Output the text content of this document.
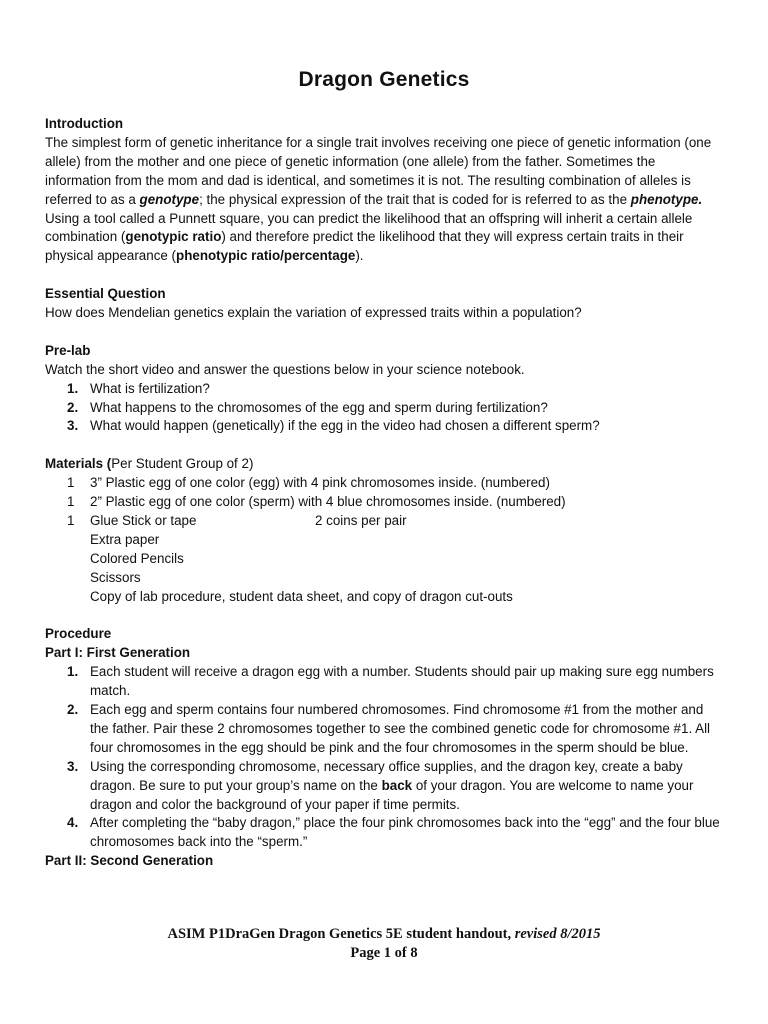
Dragon Genetics
Introduction

The simplest form of genetic inheritance for a single trait involves receiving one piece of genetic information (one allele) from the mother and one piece of genetic information (one allele) from the father. Sometimes the information from the mom and dad is identical, and sometimes it is not. The resulting combination of alleles is referred to as a genotype; the physical expression of the trait that is coded for is referred to as the phenotype. Using a tool called a Punnett square, you can predict the likelihood that an offspring will inherit a certain allele combination (genotypic ratio) and therefore predict the likelihood that they will express certain traits in their physical appearance (phenotypic ratio/percentage).

Essential Question
How does Mendelian genetics explain the variation of expressed traits within a population?
Pre-lab
Watch the short video and answer the questions below in your science notebook.
1. What is fertilization?
2. What happens to the chromosomes of the egg and sperm during fertilization?
3. What would happen (genetically) if the egg in the video had chosen a different sperm?
Materials (Per Student Group of 2)
1 3” Plastic egg of one color (egg) with 4 pink chromosomes inside. (numbered)
1 2” Plastic egg of one color (sperm) with 4 blue chromosomes inside. (numbered)
1 Glue Stick or tape	2 coins per pair
Extra paper
Colored Pencils
Scissors
Copy of lab procedure, student data sheet, and copy of dragon cut-outs
Procedure
Part I: First Generation
1. Each student will receive a dragon egg with a number. Students should pair up making sure egg numbers match.
2. Each egg and sperm contains four numbered chromosomes. Find chromosome #1 from the mother and the father. Pair these 2 chromosomes together to see the combined genetic code for chromosome #1. All four chromosomes in the egg should be pink and the four chromosomes in the sperm should be blue.
3. Using the corresponding chromosome, necessary office supplies, and the dragon key, create a baby dragon. Be sure to put your group’s name on the back of your dragon. You are welcome to name your dragon and color the background of your paper if time permits.
4. After completing the “baby dragon,” place the four pink chromosomes back into the “egg” and the four blue chromosomes back into the “sperm.”
Part II: Second Generation
ASIM P1DraGen Dragon Genetics 5E student handout, revised 8/2015
Page 1 of 8
